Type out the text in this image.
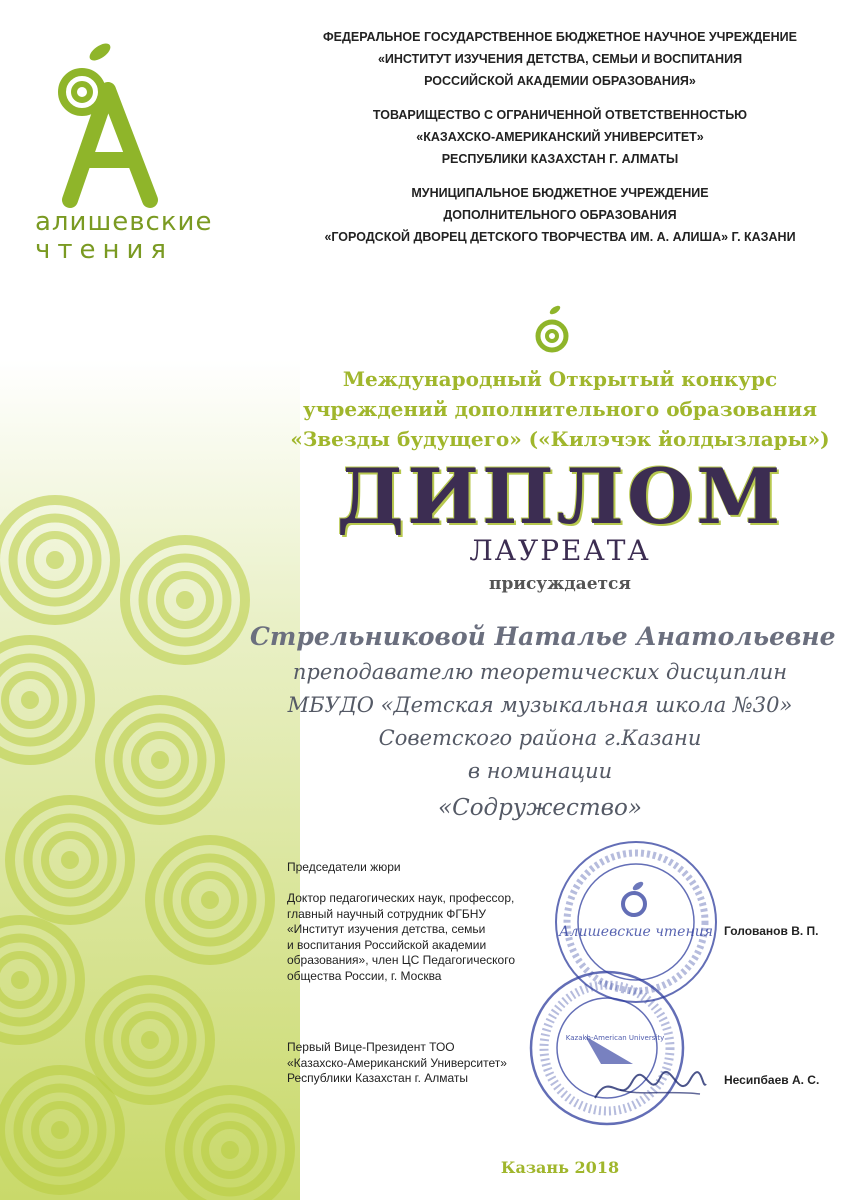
алишевские

чтения

ФЕДЕРАЛЬНОЕ ГОСУДАРСТВЕННОЕ БЮДЖЕТНОЕ НАУЧНОЕ УЧРЕЖДЕНИЕ

«ИНСТИТУТ ИЗУЧЕНИЯ ДЕТСТВА, СЕМЬИ И ВОСПИТАНИЯ

РОССИЙСКОЙ АКАДЕМИИ ОБРАЗОВАНИЯ»

ТОВАРИЩЕСТВО С ОГРАНИЧЕННОЙ ОТВЕТСТВЕННОСТЬЮ

«КАЗАХСКО-АМЕРИКАНСКИЙ УНИВЕРСИТЕТ»

РЕСПУБЛИКИ КАЗАХСТАН Г. АЛМАТЫ

МУНИЦИПАЛЬНОЕ БЮДЖЕТНОЕ УЧРЕЖДЕНИЕ

ДОПОЛНИТЕЛЬНОГО ОБРАЗОВАНИЯ

«ГОРОДСКОЙ ДВОРЕЦ ДЕТСКОГО ТВОРЧЕСТВА ИМ. А. АЛИША» Г. КАЗАНИ

Международный Открытый конкурс

учреждений дополнительного образования

«Звезды будущего» («Килэчэк йолдызлары»)

ДИПЛОМ

ЛАУРЕАТА

присуждается

Стрельниковой Наталье Анатольевне

преподавателю теоретических дисциплин

МБУДО «Детская музыкальная школа №30»

Советского района г.Казани

в номинации

«Содружество»

Председатели жюри

Доктор педагогических наук, профессор,

главный научный сотрудник ФГБНУ

«Институт изучения детства, семьи

и воспитания Российской академии

образования», член ЦС Педагогического

общества России, г. Москва

Первый Вице-Президент ТОО

«Казахско-Американский Университет»

Республики Казахстан г. Алматы

Алишевские чтения
Kazakh-American University

Голованов В. П.

Несипбаев А. С.

Казань 2018
